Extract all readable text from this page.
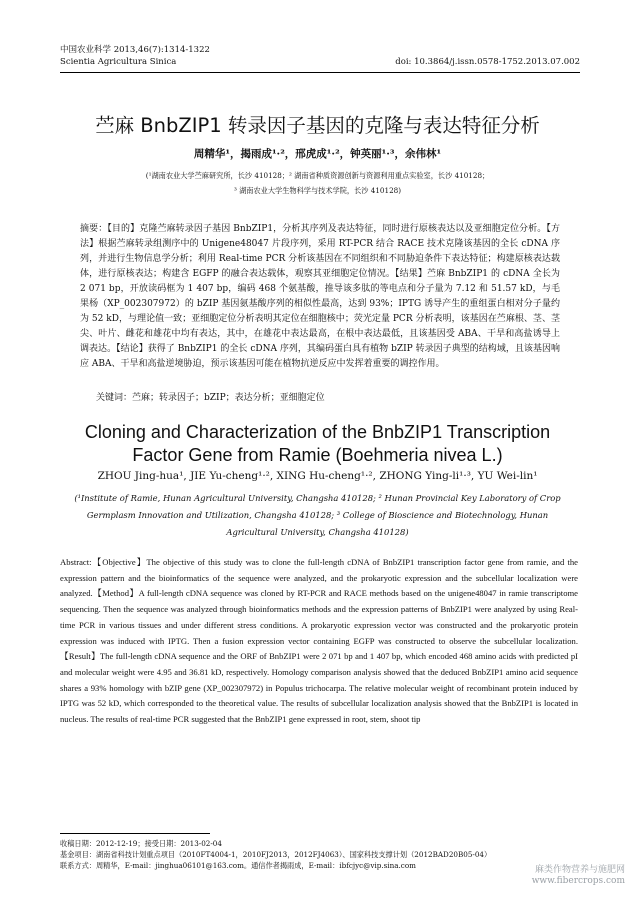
中国农业科学 2013,46(7):1314-1322
Scientia Agricultura Sinica	doi: 10.3864/j.issn.0578-1752.2013.07.002
苎麻 BnbZIP1 转录因子基因的克隆与表达特征分析
周精华¹，揭雨成¹·²，邢虎成¹·²，钟英丽¹·³，余伟林¹
(¹湖南农业大学苎麻研究所，长沙 410128；² 湖南省种质资源创新与资源利用重点实验室，长沙 410128；
³ 湖南农业大学生物科学与技术学院，长沙 410128)
摘要：【目的】克隆苎麻转录因子基因 BnbZIP1，分析其序列及表达特征，同时进行原核表达以及亚细胞定位分析。【方法】根据苎麻转录组测序中的 Unigene48047 片段序列，采用 RT-PCR 结合 RACE 技术克隆该基因的全长 cDNA 序列，并进行生物信息学分析；利用 Real-time PCR 分析该基因在不同组织和不同胁迫条件下表达特征；构建原核表达载体，进行原核表达；构建含 EGFP 的融合表达载体，观察其亚细胞定位情况。【结果】苎麻 BnbZIP1 的 cDNA 全长为 2 071 bp，开放读码框为 1 407 bp，编码 468 个氨基酸，推导该多肽的等电点和分子量为 7.12 和 51.57 kD，与毛果杨（XP_002307972）的 bZIP 基因氨基酸序列的相似性最高，达到 93%；IPTG 诱导产生的重组蛋白相对分子量约为 52 kD，与理论值一致；亚细胞定位分析表明其定位在细胞核中；荧光定量 PCR 分析表明，该基因在苎麻根、茎、茎尖、叶片、雌花和雄花中均有表达，其中，在雄花中表达最高，在根中表达最低，且该基因受 ABA、干旱和高盐诱导上调表达。【结论】获得了 BnbZIP1 的全长 cDNA 序列，其编码蛋白具有植物 bZIP 转录因子典型的结构域，且该基因响应 ABA、干旱和高盐逆境胁迫，预示该基因可能在植物抗逆反应中发挥着重要的调控作用。
关键词：苎麻；转录因子；bZIP；表达分析；亚细胞定位
Cloning and Characterization of the BnbZIP1 Transcription
Factor Gene from Ramie (Boehmeria nivea L.)
ZHOU Jing-hua¹, JIE Yu-cheng¹·², XING Hu-cheng¹·², ZHONG Ying-li¹·³, YU Wei-lin¹
(¹Institute of Ramie, Hunan Agricultural University, Changsha 410128; ² Hunan Provincial Key Laboratory of Crop Germplasm Innovation and Utilization, Changsha 410128; ³ College of Bioscience and Biotechnology, Hunan Agricultural University, Changsha 410128)
Abstract:【Objective】The objective of this study was to clone the full-length cDNA of BnbZIP1 transcription factor gene from ramie, and the expression pattern and the bioinformatics of the sequence were analyzed, and the prokaryotic expression and the subcellular localization were analyzed.【Method】A full-length cDNA sequence was cloned by RT-PCR and RACE methods based on the unigene48047 in ramie transcriptome sequencing. Then the sequence was analyzed through bioinformatics methods and the expression patterns of BnbZIP1 were analyzed by using Real-time PCR in various tissues and under different stress conditions. A prokaryotic expression vector was constructed and the prokaryotic protein expression was induced with IPTG. Then a fusion expression vector containing EGFP was constructed to observe the subcellular localization.【Result】The full-length cDNA sequence and the ORF of BnbZIP1 were 2 071 bp and 1 407 bp, which encoded 468 amino acids with predicted pI and molecular weight were 4.95 and 36.81 kD, respectively. Homology comparison analysis showed that the deduced BnbZIP1 amino acid sequence shares a 93% homology with bZIP gene (XP_002307972) in Populus trichocarpa. The relative molecular weight of recombinant protein induced by IPTG was 52 kD, which corresponded to the theoretical value. The results of subcellular localization analysis showed that the BnbZIP1 is located in nucleus. The results of real-time PCR suggested that the BnbZIP1 gene expressed in root, stem, shoot tip
收稿日期：2012-12-19；接受日期：2013-02-04
基金项目：湖南省科技计划重点项目（2010FT4004-1，2010FJ2013，2012FJ4063）、国家科技支撑计划（2012BAD20B05-04）
联系方式：周精华，E-mail：jinghua06101@163.com。通信作者揭雨成，E-mail：ibfcjyc@vip.sina.com	麻类作物营养与施肥网
www.fibercrops.com
